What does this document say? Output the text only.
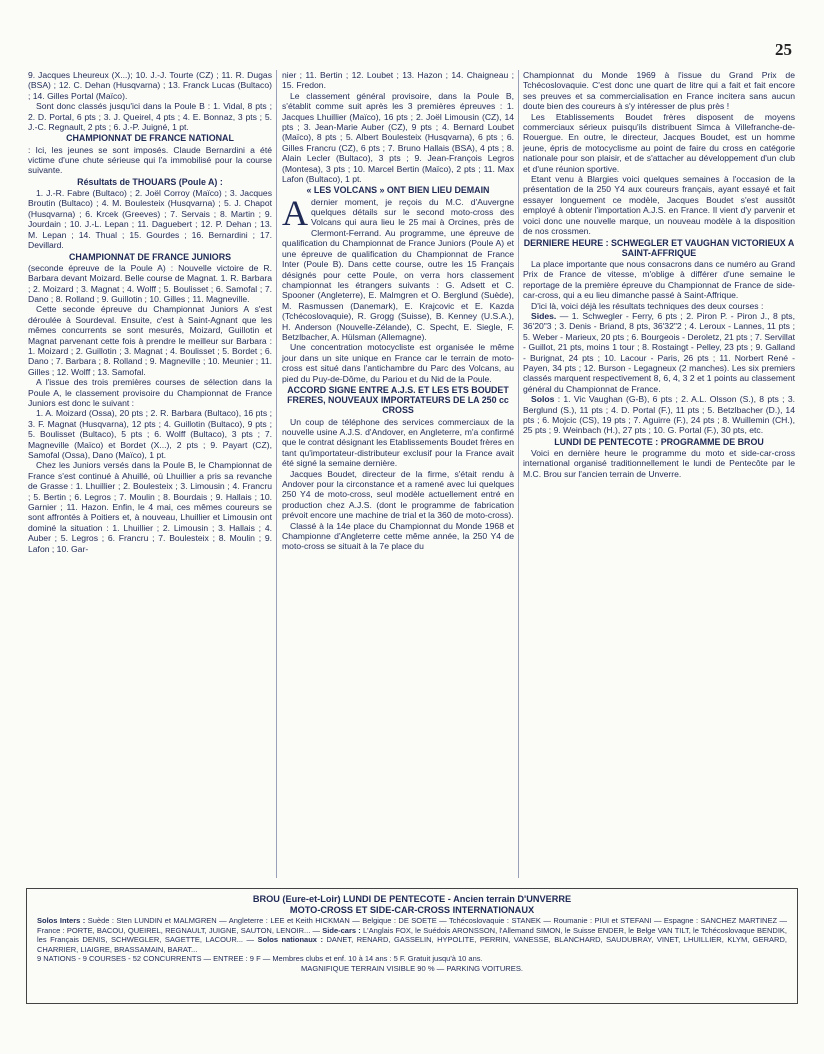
25

9. Jacques Lheureux (X...); 10. J.-J. Tourte (CZ) ; 11. R. Dugas (BSA) ; 12. C. Dehan (Husqvarna) ; 13. Franck Lucas (Bultaco) ; 14. Gilles Portal (Maïco).

Sont donc classés jusqu'ici dans la Poule B : 1. Vidal, 8 pts ; 2. D. Portal, 6 pts ; 3. J. Queirel, 4 pts ; 4. E. Bonnaz, 3 pts ; 5. J.-C. Regnault, 2 pts ; 6. J.-P. Juigné, 1 pt.

CHAMPIONNAT DE FRANCE NATIONAL

: Ici, les jeunes se sont imposés. Claude Bernardini a été victime d'une chute sérieuse qui l'a immobilisé pour la course suivante.

Résultats de THOUARS (Poule A) :

1. J.-R. Fabre (Bultaco) ; 2. Joël Corroy (Maïco) ; 3. Jacques Broutin (Bultaco) ; 4. M. Boulesteix (Husqvarna) ; 5. J. Chapot (Husqvarna) ; 6. Krcek (Greeves) ; 7. Servais ; 8. Martin ; 9. Jourdain ; 10. J.-L. Lepan ; 11. Daguebert ; 12. P. Dehan ; 13. M. Lepan ; 14. Thual ; 15. Gourdes ; 16. Bernardini ; 17. Devillard.

CHAMPIONNAT DE FRANCE JUNIORS

(seconde épreuve de la Poule A) : Nouvelle victoire de R. Barbara devant Moizard. Belle course de Magnat. 1. R. Barbara ; 2. Moizard ; 3. Magnat ; 4. Wolff ; 5. Boulisset ; 6. Samofal ; 7. Dano ; 8. Rolland ; 9. Guillotin ; 10. Gilles ; 11. Magneville.

Cette seconde épreuve du Championnat Juniors A s'est déroulée à Sourdeval. Ensuite, c'est à Saint-Agnant que les mêmes concurrents se sont mesurés, Moizard, Guillotin et Magnat parvenant cette fois à prendre le meilleur sur Barbara : 1. Moizard ; 2. Guillotin ; 3. Magnat ; 4. Boulisset ; 5. Bordet ; 6. Dano ; 7. Barbara ; 8. Rolland ; 9. Magneville ; 10. Meunier ; 11. Gilles ; 12. Wolff ; 13. Samofal.

A l'issue des trois premières courses de sélection dans la Poule A, le classement provisoire du Championnat de France Juniors est donc le suivant :

1. A. Moizard (Ossa), 20 pts ; 2. R. Barbara (Bultaco), 16 pts ; 3. F. Magnat (Husqvarna), 12 pts ; 4. Guillotin (Bultaco), 9 pts ; 5. Boulisset (Bultaco), 5 pts ; 6. Wolff (Bultaco), 3 pts ; 7. Magneville (Maïco) et Bordet (X...), 2 pts ; 9. Payart (CZ), Samofal (Ossa), Dano (Maïco), 1 pt.

Chez les Juniors versés dans la Poule B, le Championnat de France s'est continué à Ahuillé, où Lhuillier a pris sa revanche de Grasse : 1. Lhuillier ; 2. Boulesteix ; 3. Limousin ; 4. Francru ; 5. Bertin ; 6. Legros ; 7. Moulin ; 8. Bourdais ; 9. Hallais ; 10. Garnier ; 11. Hazon. Enfin, le 4 mai, ces mêmes coureurs se sont affrontés à Poitiers et, à nouveau, Lhuillier et Limousin ont dominé la situation : 1. Lhuillier ; 2. Limousin ; 3. Hallais ; 4. Auber ; 5. Legros ; 6. Francru ; 7. Boulesteix ; 8. Moulin ; 9. Lafon ; 10. Gar-

nier ; 11. Bertin ; 12. Loubet ; 13. Hazon ; 14. Chaigneau ; 15. Fredon.

Le classement général provisoire, dans la Poule B, s'établit comme suit après les 3 premières épreuves : 1. Jacques Lhuillier (Maïco), 16 pts ; 2. Joël Limousin (CZ), 14 pts ; 3. Jean-Marie Auber (CZ), 9 pts ; 4. Bernard Loubet (Maïco), 8 pts ; 5. Albert Boulesteix (Husqvarna), 6 pts ; 6. Gilles Francru (CZ), 6 pts ; 7. Bruno Hallais (BSA), 4 pts ; 8. Alain Lecler (Bultaco), 3 pts ; 9. Jean-François Legros (Montesa), 3 pts ; 10. Marcel Bertin (Maïco), 2 pts ; 11. Max Lafon (Bultaco), 1 pt.

« LES VOLCANS » ONT BIEN LIEU DEMAIN

Adernier moment, je reçois du M.C. d'Auvergne quelques détails sur le second moto-cross des Volcans qui aura lieu le 25 mai à Orcines, près de Clermont-Ferrand. Au programme, une épreuve de qualification du Championnat de France Juniors (Poule A) et une épreuve de qualification du Championnat de France Inter (Poule B). Dans cette course, outre les 15 Français désignés pour cette Poule, on verra hors classement championnat les étrangers suivants : G. Adsett et C. Spooner (Angleterre), E. Malmgren et O. Berglund (Suède), M. Rasmussen (Danemark), E. Krajcovic et E. Kazda (Tchécoslovaquie), R. Grogg (Suisse), B. Kenney (U.S.A.), H. Anderson (Nouvelle-Zélande), C. Specht, E. Siegle, F. Betzlbacher, A. Hülsman (Allemagne).

Une concentration motocycliste est organisée le même jour dans un site unique en France car le terrain de moto-cross est situé dans l'antichambre du Parc des Volcans, au pied du Puy-de-Dôme, du Pariou et du Nid de la Poule.

ACCORD SIGNE ENTRE A.J.S. ET LES ETS BOUDET FRERES, NOUVEAUX IMPORTATEURS DE LA 250 cc CROSS

Un coup de téléphone des services commerciaux de la nouvelle usine A.J.S. d'Andover, en Angleterre, m'a confirmé que le contrat désignant les Etablissements Boudet frères en tant qu'importateur-distributeur exclusif pour la France avait été signé la semaine dernière.

Jacques Boudet, directeur de la firme, s'était rendu à Andover pour la circonstance et a ramené avec lui quelques 250 Y4 de moto-cross, seul modèle actuellement entré en production chez A.J.S. (dont le programme de fabrication prévoit encore une machine de trial et la 360 de moto-cross).

Classé à la 14e place du Championnat du Monde 1968 et Championne d'Angleterre cette même année, la 250 Y4 de moto-cross se situait à la 7e place du

Championnat du Monde 1969 à l'issue du Grand Prix de Tchécoslovaquie. C'est donc une quart de litre qui a fait et fait encore ses preuves et sa commercialisation en France incitera sans aucun doute bien des coureurs à s'y intéresser de plus près !

Les Etablissements Boudet frères disposent de moyens commerciaux sérieux puisqu'ils distribuent Simca à Villefranche-de-Rouergue. En outre, le directeur, Jacques Boudet, est un homme jeune, épris de motocyclisme au point de faire du cross en catégorie nationale pour son plaisir, et de s'attacher au développement d'un club et d'une réunion sportive.

Etant venu à Blargies voici quelques semaines à l'occasion de la présentation de la 250 Y4 aux coureurs français, ayant essayé et fait essayer longuement ce modèle, Jacques Boudet s'est aussitôt employé à obtenir l'importation A.J.S. en France. Il vient d'y parvenir et voici donc une nouvelle marque, un nouveau modèle à la disposition de nos crossmen.

DERNIERE HEURE : SCHWEGLER ET VAUGHAN VICTORIEUX A SAINT-AFFRIQUE

La place importante que nous consacrons dans ce numéro au Grand Prix de France de vitesse, m'oblige à différer d'une semaine le reportage de la première épreuve du Championnat de France de side-car-cross, qui a eu lieu dimanche passé à Saint-Affrique.

D'ici là, voici déjà les résultats techniques des deux courses :

Sides. — 1. Schwegler - Ferry, 6 pts ; 2. Piron P. - Piron J., 8 pts, 36'20"3 ; 3. Denis - Briand, 8 pts, 36'32"2 ; 4. Leroux - Lannes, 11 pts ; 5. Weber - Marieux, 20 pts ; 6. Bourgeois - Deroletz, 21 pts ; 7. Servillat - Guillot, 21 pts, moins 1 tour ; 8. Rostaingt - Pelley, 23 pts ; 9. Galland - Burignat, 24 pts ; 10. Lacour - Paris, 26 pts ; 11. Norbert René - Payen, 34 pts ; 12. Burson - Legagneux (2 manches). Les six premiers classés marquent respectivement 8, 6, 4, 3 2 et 1 points au classement général du Championnat de France.

Solos : 1. Vic Vaughan (G-B), 6 pts ; 2. A.L. Olsson (S.), 8 pts ; 3. Berglund (S.), 11 pts ; 4. D. Portal (F.), 11 pts ; 5. Betzlbacher (D.), 14 pts ; 6. Mojcic (CS), 19 pts ; 7. Aguirre (F.), 24 pts ; 8. Wuillemin (CH.), 25 pts ; 9. Weinbach (H.), 27 pts ; 10. G. Portal (F.), 30 pts, etc.

LUNDI DE PENTECOTE : PROGRAMME DE BROU

Voici en dernière heure le programme du moto et side-car-cross international organisé traditionnellement le lundi de Pentecôte par le M.C. Brou sur l'ancien terrain de Unverre.

BROU (Eure-et-Loir) LUNDI DE PENTECOTE - Ancien terrain D'UNVERRE
MOTO-CROSS ET SIDE-CAR-CROSS INTERNATIONAUX
Solos Inters : Suède : Sten LUNDIN et MALMGREN — Angleterre : LEE et Keith HICKMAN — Belgique : DE SOETE — Tchécoslovaquie : STANEK — Roumanie : PIUI et STEFANI — Espagne : SANCHEZ MARTINEZ — France : PORTE, BACOU, QUEIREL, REGNAULT, JUIGNE, SAUTON, LENOIR... — Side-cars : L'Anglais FOX, le Suédois ARONSSON, l'Allemand SIMON, le Suisse ENDER, le Belge VAN TILT, le Tchécoslovaque BENDIK, les Français DENIS, SCHWEGLER, SAGETTE, LACOUR... — Solos nationaux : DANET, RENARD, GASSELIN, HYPOLITE, PERRIN, VANESSE, BLANCHARD, SAUDUBRAY, VINET, LHUILLIER, KLYM, GERARD, CHARRIER, LIAIGRE, BRASSAMAIN, BARAT...
9 NATIONS - 9 COURSES - 52 CONCURRENTS — ENTREE : 9 F — Membres clubs et enf. 10 à 14 ans : 5 F. Gratuit jusqu'à 10 ans.
MAGNIFIQUE TERRAIN VISIBLE 90 % — PARKING VOITURES.
